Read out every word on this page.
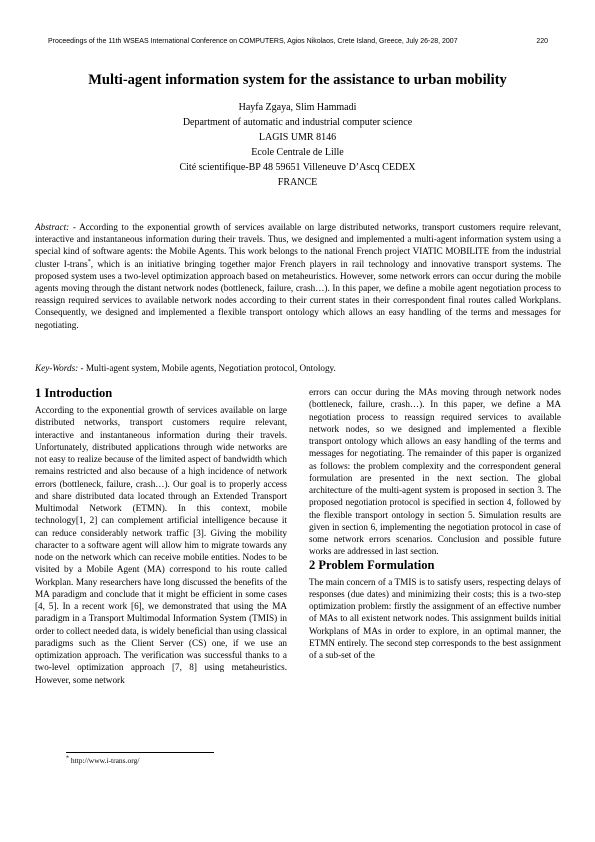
Proceedings of the 11th WSEAS International Conference on COMPUTERS, Agios Nikolaos, Crete Island, Greece, July 26-28, 2007	220
Multi-agent information system for the assistance to urban mobility
Hayfa Zgaya, Slim Hammadi
Department of automatic and industrial computer science
LAGIS UMR 8146
Ecole Centrale de Lille
Cité scientifique-BP 48 59651 Villeneuve D’Ascq CEDEX
FRANCE
Abstract: - According to the exponential growth of services available on large distributed networks, transport customers require relevant, interactive and instantaneous information during their travels. Thus, we designed and implemented a multi-agent information system using a special kind of software agents: the Mobile Agents. This work belongs to the national French project VIATIC MOBILITE from the industrial cluster I-trans*, which is an initiative bringing together major French players in rail technology and innovative transport systems. The proposed system uses a two-level optimization approach based on metaheuristics. However, some network errors can occur during the mobile agents moving through the distant network nodes (bottleneck, failure, crash…). In this paper, we define a mobile agent negotiation process to reassign required services to available network nodes according to their current states in their correspondent final routes called Workplans. Consequently, we designed and implemented a flexible transport ontology which allows an easy handling of the terms and messages for negotiating.
Key-Words: - Multi-agent system, Mobile agents, Negotiation protocol, Ontology.
1 Introduction

According to the exponential growth of services available on large distributed networks, transport customers require relevant, interactive and instantaneous information during their travels. Unfortunately, distributed applications through wide networks are not easy to realize because of the limited aspect of bandwidth which remains restricted and also because of a high incidence of network errors (bottleneck, failure, crash…). Our goal is to properly access and share distributed data located through an Extended Transport Multimodal Network (ETMN). In this context, mobile technology[1, 2] can complement artificial intelligence because it can reduce considerably network traffic [3]. Giving the mobility character to a software agent will allow him to migrate towards any node on the network which can receive mobile entities. Nodes to be visited by a Mobile Agent (MA) correspond to his route called Workplan. Many researchers have long discussed the benefits of the MA paradigm and conclude that it might be efficient in some cases [4, 5]. In a recent work [6], we demonstrated that using the MA paradigm in a Transport Multimodal Information System (TMIS) in order to collect needed data, is widely beneficial than using classical paradigms such as the Client Server (CS) one, if we use an optimization approach. The verification was successful thanks to a two-level optimization approach [7, 8] using metaheuristics. However, some network

errors can occur during the MAs moving through network nodes (bottleneck, failure, crash…). In this paper, we define a MA negotiation process to reassign required services to available network nodes, so we designed and implemented a flexible transport ontology which allows an easy handling of the terms and messages for negotiating. The remainder of this paper is organized as follows: the problem complexity and the correspondent general formulation are presented in the next section. The global architecture of the multi-agent system is proposed in section 3. The proposed negotiation protocol is specified in section 4, followed by the flexible transport ontology in section 5. Simulation results are given in section 6, implementing the negotiation protocol in case of some network errors scenarios. Conclusion and possible future works are addressed in last section.

2 Problem Formulation

The main concern of a TMIS is to satisfy users, respecting delays of responses (due dates) and minimizing their costs; this is a two-step optimization problem: firstly the assignment of an effective number of MAs to all existent network nodes. This assignment builds initial Workplans of MAs in order to explore, in an optimal manner, the ETMN entirely. The second step corresponds to the best assignment of a sub-set of the

* http://www.i-trans.org/
